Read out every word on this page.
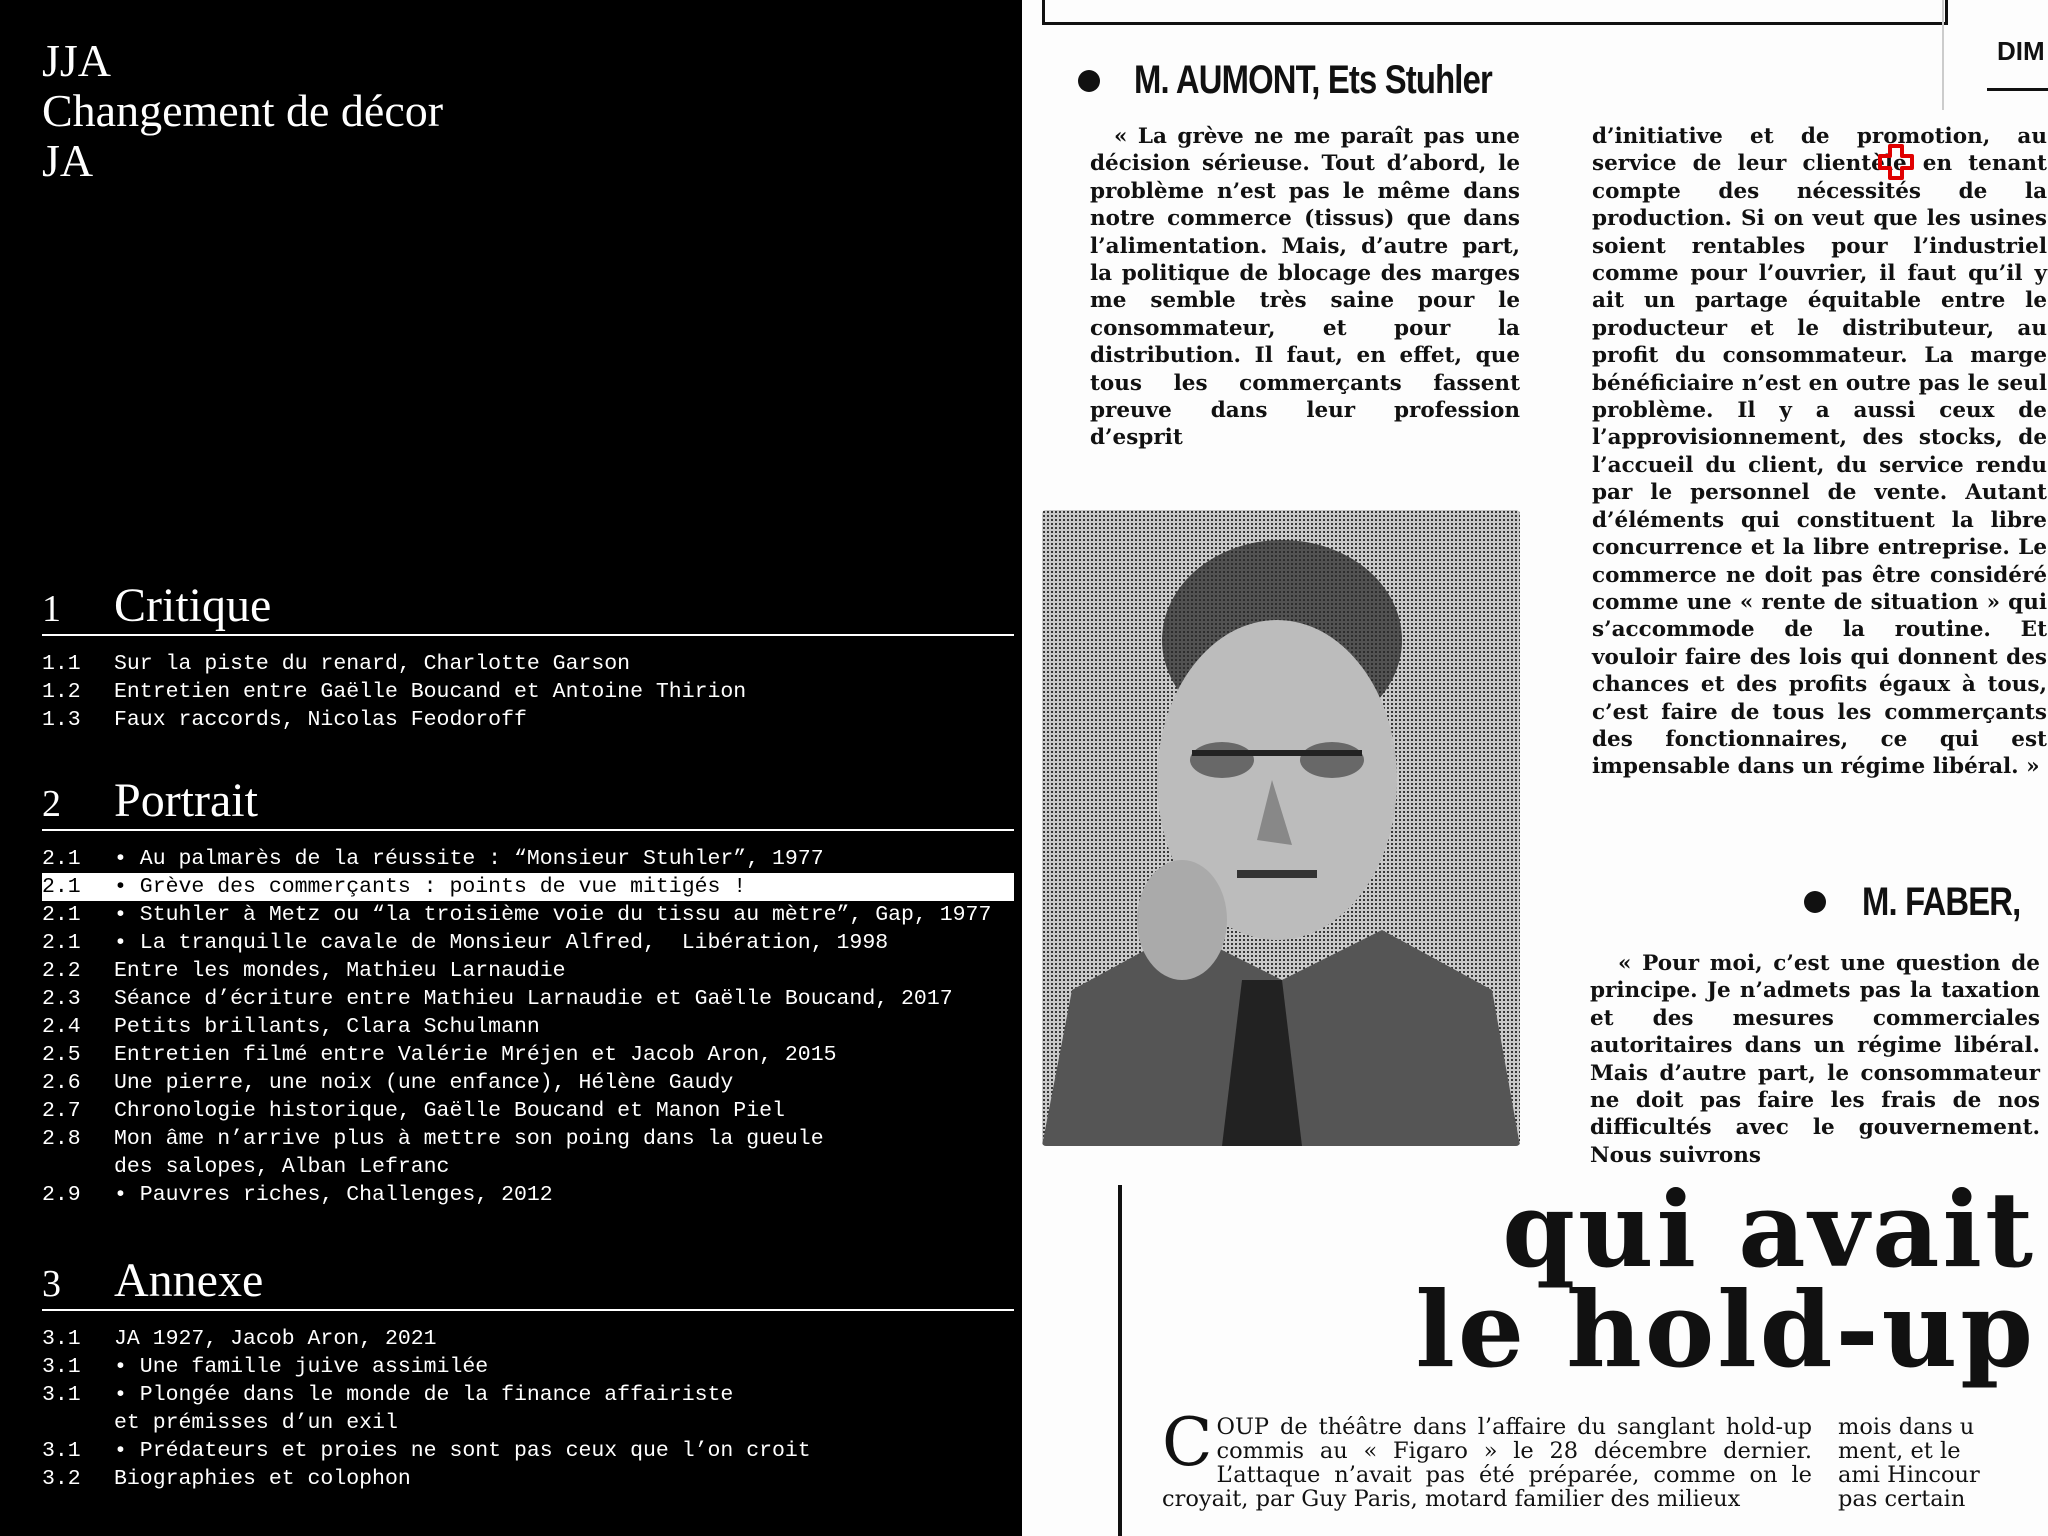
JJA
Changement de décor
JA
1	Critique
1.1	Sur la piste du renard, Charlotte Garson
1.2	Entretien entre Gaëlle Boucand et Antoine Thirion
1.3	Faux raccords, Nicolas Feodoroff
2	Portrait
2.1	• Au palmarès de la réussite : “Monsieur Stuhler”, 1977
2.1	• Grève des commerçants : points de vue mitigés !
2.1	• Stuhler à Metz ou “la troisième voie du tissu au mètre”, Gap, 1977
2.1	• La tranquille cavale de Monsieur Alfred,  Libération, 1998
2.2	Entre les mondes, Mathieu Larnaudie
2.3	Séance d’écriture entre Mathieu Larnaudie et Gaëlle Boucand, 2017
2.4	Petits brillants, Clara Schulmann
2.5	Entretien filmé entre Valérie Mréjen et Jacob Aron, 2015
2.6	Une pierre, une noix (une enfance), Hélène Gaudy
2.7	Chronologie historique, Gaëlle Boucand et Manon Piel
2.8	Mon âme n’arrive plus à mettre son poing dans la gueule
des salopes, Alban Lefranc
2.9	• Pauvres riches, Challenges, 2012
3	Annexe
3.1	JA 1927, Jacob Aron, 2021
3.1	• Une famille juive assimilée
3.1	• Plongée dans le monde de la finance affairiste
et prémisses d’un exil
3.1	• Prédateurs et proies ne sont pas ceux que l’on croit
3.2	Biographies et colophon
DIM
M. AUMONT, Ets Stuhler
« La grève ne me paraît pas une décision sérieuse. Tout d’abord, le problème n’est pas le même dans notre commerce (tissus) que dans l’alimentation. Mais, d’autre part, la politique de blocage des marges me semble très saine pour le consommateur, et pour la distribution. Il faut, en effet, que tous les commerçants fassent preuve dans leur profession d’esprit
d’initiative et de promotion, au service de leur clientèle en tenant compte des nécessités de la production. Si on veut que les usines soient rentables pour l’industriel comme pour l’ouvrier, il faut qu’il y ait un partage équitable entre le producteur et le distributeur, au profit du consommateur. La marge bénéficiaire n’est en outre pas le seul problème. Il y a aussi ceux de l’approvisionnement, des stocks, de l’accueil du client, du service rendu par le personnel de vente. Autant d’éléments qui constituent la libre concurrence et la libre entreprise. Le commerce ne doit pas être considéré comme une « rente de situation » qui s’accommode de la routine. Et vouloir faire des lois qui donnent des chances et des profits égaux à tous, c’est faire de tous les commerçants des fonctionnaires, ce qui est impensable dans un régime libéral. »
M. FABER,
« Pour moi, c’est une question de principe. Je n’admets pas la taxation et des mesures commerciales autoritaires dans un régime libéral. Mais d’autre part, le consommateur ne doit pas faire les frais de nos difficultés avec le gouvernement. Nous suivrons
qui avait
le hold-up
COUP de théâtre dans l’affaire du sanglant hold-up commis au « Figaro » le 28 décembre dernier. L’attaque n’avait pas été préparée, comme on le croyait, par Guy Paris, motard familier des milieux
mois dans u
ment, et le
ami Hincour
pas certain
